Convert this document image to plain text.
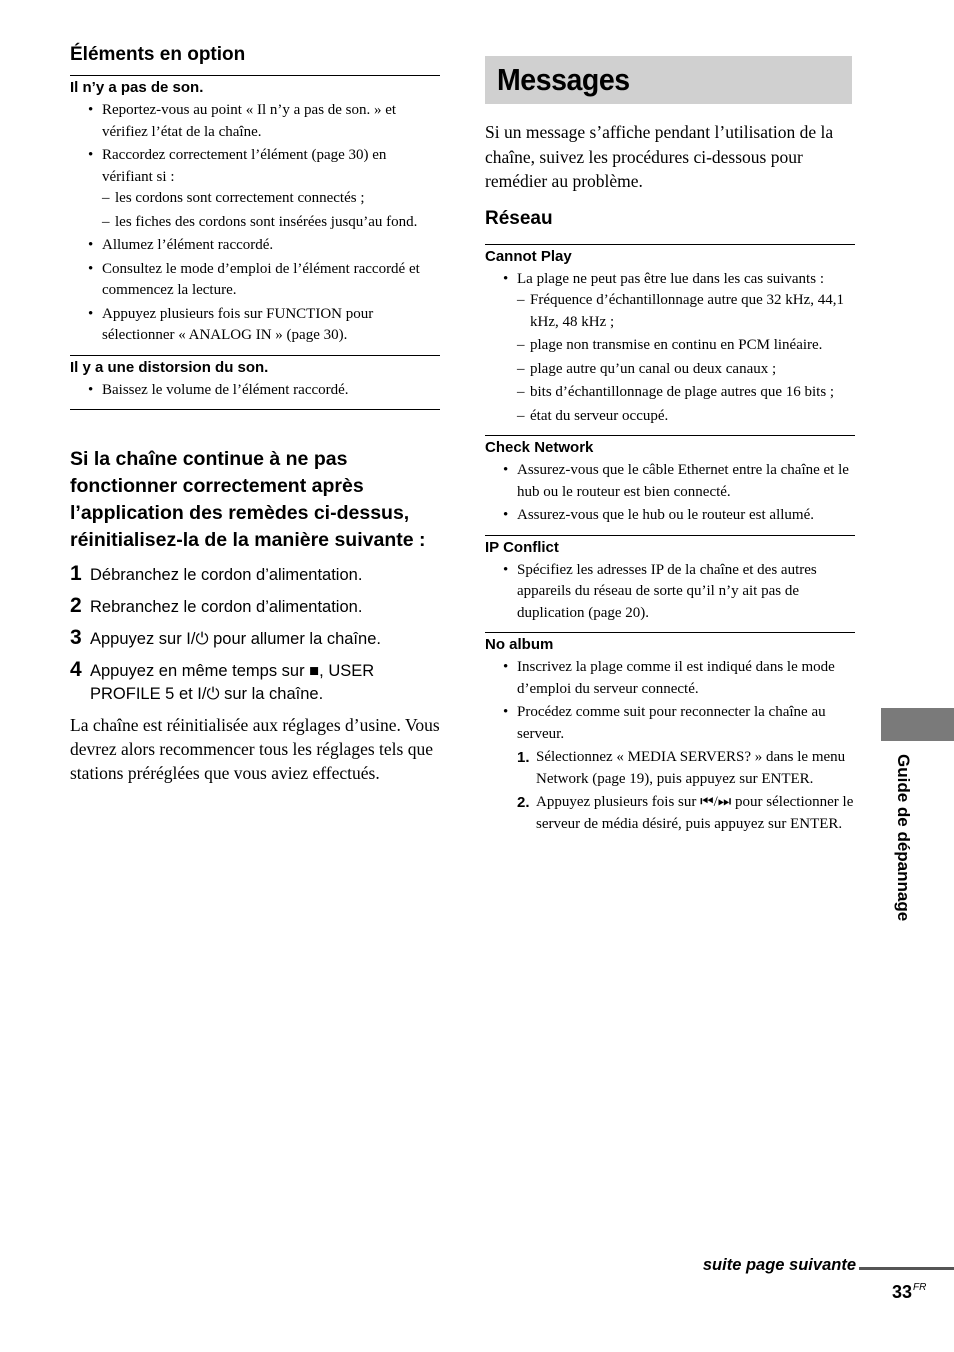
Éléments en option
Il n’y a pas de son.
• Reportez-vous au point « Il n’y a pas de son. » et vérifiez l’état de la chaîne.
• Raccordez correctement l’élément (page 30) en vérifiant si :
– les cordons sont correctement connectés ;
– les fiches des cordons sont insérées jusqu’au fond.
• Allumez l’élément raccordé.
• Consultez le mode d’emploi de l’élément raccordé et commencez la lecture.
• Appuyez plusieurs fois sur FUNCTION pour sélectionner « ANALOG IN » (page 30).
Il y a une distorsion du son.
• Baissez le volume de l’élément raccordé.
Si la chaîne continue à ne pas fonctionner correctement après l’application des remèdes ci-dessus, réinitialisez-la de la manière suivante :
1 Débranchez le cordon d’alimentation.
2 Rebranchez le cordon d’alimentation.
3 Appuyez sur I/⏻ pour allumer la chaîne.
4 Appuyez en même temps sur ■, USER PROFILE 5 et I/⏻ sur la chaîne.

La chaîne est réinitialisée aux réglages d’usine. Vous devrez alors recommencer tous les réglages tels que stations préréglées que vous aviez effectués.

Messages

Si un message s’affiche pendant l’utilisation de la chaîne, suivez les procédures ci-dessous pour remédier au problème.

Réseau
Cannot Play
• La plage ne peut pas être lue dans les cas suivants :
– Fréquence d’échantillonnage autre que 32 kHz, 44,1 kHz, 48 kHz ;
– plage non transmise en continu en PCM linéaire.
– plage autre qu’un canal ou deux canaux ;
– bits d’échantillonnage de plage autres que 16 bits ;
– état du serveur occupé.
Check Network
• Assurez-vous que le câble Ethernet entre la chaîne et le hub ou le routeur est bien connecté.
• Assurez-vous que le hub ou le routeur est allumé.
IP Conflict
• Spécifiez les adresses IP de la chaîne et des autres appareils du réseau de sorte qu’il n’y ait pas de duplication (page 20).
No album
• Inscrivez la plage comme il est indiqué dans le mode d’emploi du serveur connecté.
• Procédez comme suit pour reconnecter la chaîne au serveur.
1. Sélectionnez « MEDIA SERVERS? » dans le menu Network (page 19), puis appuyez sur ENTER.
2. Appuyez plusieurs fois sur ⏮/⏭ pour sélectionner le serveur de média désiré, puis appuyez sur ENTER.	Guide de dépannage
suite page suivante
$33^{FR}$
